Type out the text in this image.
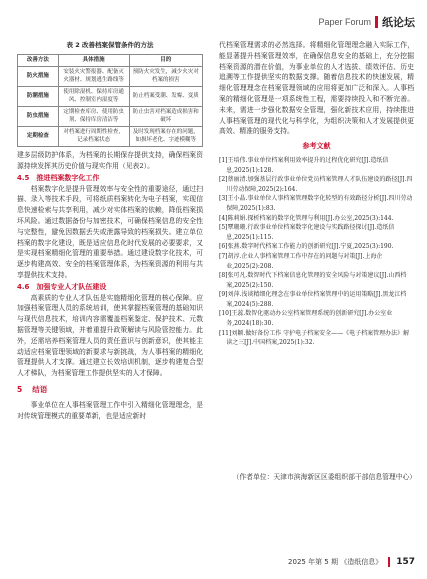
Paper Forum 纸论坛
表 2 改善档案保管条件的方法
改善方法	具体措施	目的
防火措施	安装火灾警报器、配备灭火器材、规划逃生路线等	预防火灾发生，减少火灾对档案的损害
防潮措施	使用除湿机、保持库房通风、控制室内湿度等	防止档案受潮、发霉、变质
防虫措施	定期检查库房、使用防虫剂、保持库房清洁等	防止虫害对档案造成损害和破坏
定期检查	对档案进行周期性检查，记录档案状态	及时发现档案存在的问题，如损坏老化、字迹模糊等

建多层级防护体系，为档案的长期保存提供支持，确保档案资源持续发挥其历史价值与现实作用（见表2）。

4.5　推进档案数字化工作

档案数字化是提升管理效率与安全性的重要途径，通过扫描、录入等技术手段，可将纸质档案转化为电子档案，实现信息快速检索与共享利用，减少对实体档案的依赖，降低档案损坏风险。通过数据备份与加密技术，可确保档案信息的安全性与完整性，避免因数据丢失或泄露导致的档案损失。建立单位档案的数字化建设，既是适应信息化时代发展的必要要求，又是实现档案精细化管理的重要举措。通过建设数字化技术，可逐步构建高效、安全的档案管理体系，为档案资源的利用与共享提供技术支持。

4.6　加强专业人才队伍建设

高素质的专业人才队伍是实施精细化管理的核心保障。应加强档案管理人员的系统培训，使其掌握档案管理的基础知识与现代信息技术，培训内容需覆盖档案鉴定、保护技术、元数据管理等关键领域，并着重提升政策解读与风险管控能力。此外，还需培养档案管理人员的责任意识与创新意识，使其能主动适应档案管理领域的新要求与新挑战，为人事档案的精细化管理提供人才支撑。通过建立长效培训机制，逐步构建复合型人才梯队，为档案管理工作提供坚实的人才保障。

5 结语

事业单位在人事档案管理工作中引入精细化管理理念，是对传统管理模式的重要革新，也是适应新时

代档案管理需求的必然选择。将精细化管理理念融入实际工作，能显著提升档案管理效率，在确保信息安全的基础上，充分挖掘档案资源的潜在价值，为事业单位的人才选拔、绩效评估、历史追溯等工作提供坚实的数据支撑。随着信息技术的快速发展，精细化管理理念在档案管理领域的应用将更加广泛和深入。人事档案的精细化管理是一项系统性工程，需要持续投入和不断完善。未来，需进一步强化数据安全管理，强化新技术应用，持续推进人事档案管理的现代化与科学化，为组织决策和人才发展提供更高效、精准的服务支持。

参考文献

[1]王培伟.事业单位档案利用效率提升的过程优化研究[J].造纸信息,2025(1):128.

[2]蔡丽清.加强基层行政事业单位党员档案管理人才队伍建设的路径[J].四川劳动保障,2025(2):164.

[3]王小晶.事业单位人事档案管理数字化转型的有效路径分析[J].四川劳动保障,2025(1):83.

[4]陈莉娟.探析档案的数字化管理与利用[J].办公室,2025(3):144.

[5]覃珊珊.行政事业单位档案数字化建设与实践路径探讨[J].造纸信息,2025(1):115.

[6]张燕.数字时代档案工作能力的创新研究[J].宁夏,2025(3):190.

[7]胡淳.企业人事档案管理工作中存在的问题与对策[J].上海企业,2025(2):208.

[8]张可凡.数智时代下档案信息化管理的安全风险与对策建议[J].山西档案,2025(2):150.

[9]刘萍.浅谈精细化理念在事业单位档案管理中的运用策略[J].黑龙江档案,2024(5):288.

[10]王蕊.数智化驱动办公室档案管理系统的创新研究[J].办公室业务,2024(18):30.

[11]刘颖.做好备份工作 守护电子档案安全——《电子档案管理办法》解读之三[J].中国档案,2025(1):32.

（作者单位：天津市滨海新区区委组织部干部信息管理中心）

2025 年第 5 期 《造纸信息》 157
